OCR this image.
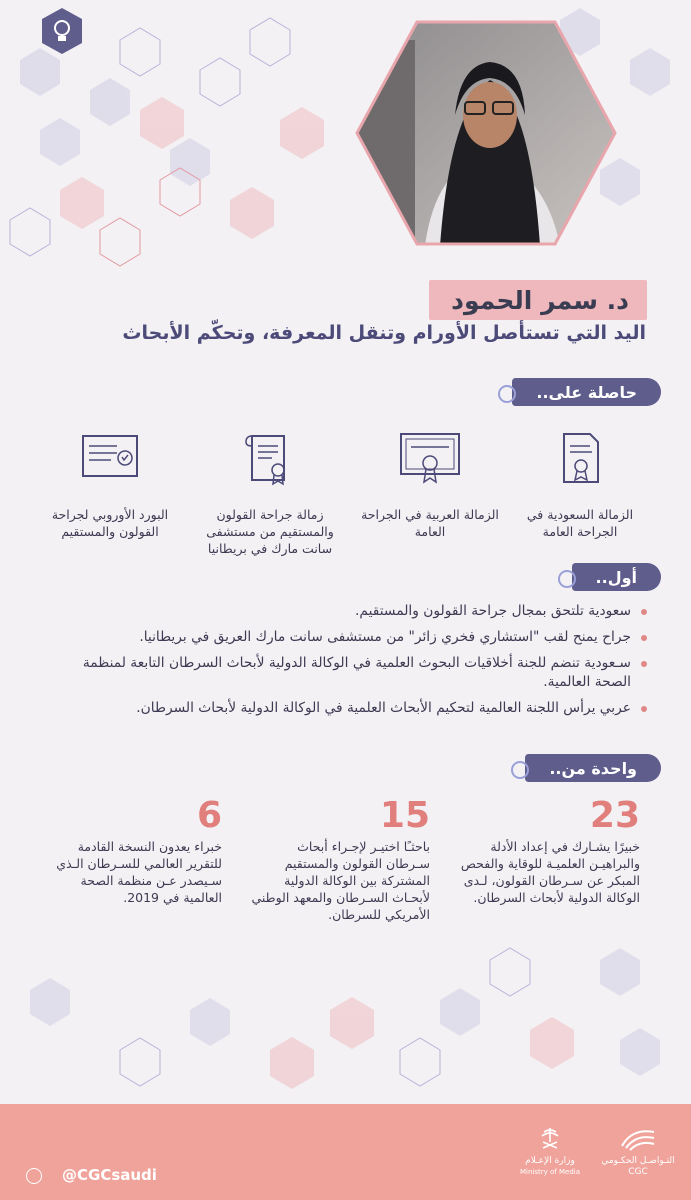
د. سمر الحمود
اليد التي تستأصل الأورام وتنقل المعرفة، وتحكّم الأبحاث
حاصلة على..
الزمالة السعودية في الجراحة العامة
الزمالة العربية في الجراحة العامة
زمالة جراحة القولون والمستقيم من مستشفى سانت مارك في بريطانيا
البورد الأوروبي لجراحة القولون والمستقيم
أول..
سعودية تلتحق بمجال جراحة القولون والمستقيم.
جراح يمنح لقب "استشاري فخري زائر" من مستشفى سانت مارك العريق في بريطانيا.
سـعودية تنضم للجنة أخلاقيات البحوث العلمية في الوكالة الدولية لأبحاث السرطان التابعة لمنظمة الصحة العالمية.
عربي يرأس اللجنة العالمية لتحكيم الأبحاث العلمية في الوكالة الدولية لأبحاث السرطان.
واحدة من..
23
خبيرًا يشـارك في إعداد الأدلة والبراهيـن العلميـة للوقاية والفحص المبكر عن سـرطان القولون، لـدى الوكالة الدولية لأبحاث السرطان.
15
باحثـًا اختيـر لإجـراء أبحاث سـرطان القولون والمستقيم المشتركة بين الوكالة الدولية لأبحـاث السـرطان والمعهد الوطني الأمريكي للسرطان.
6
خبراء يعدون النسخة القادمة للتقرير العالمي للسـرطان الـذي سـيصدر عـن منظمة الصحة العالمية في 2019.
@CGCsaudi
وزارة الإعـلام
Ministry of Media
التـواصـل الحكـومي
CGC
